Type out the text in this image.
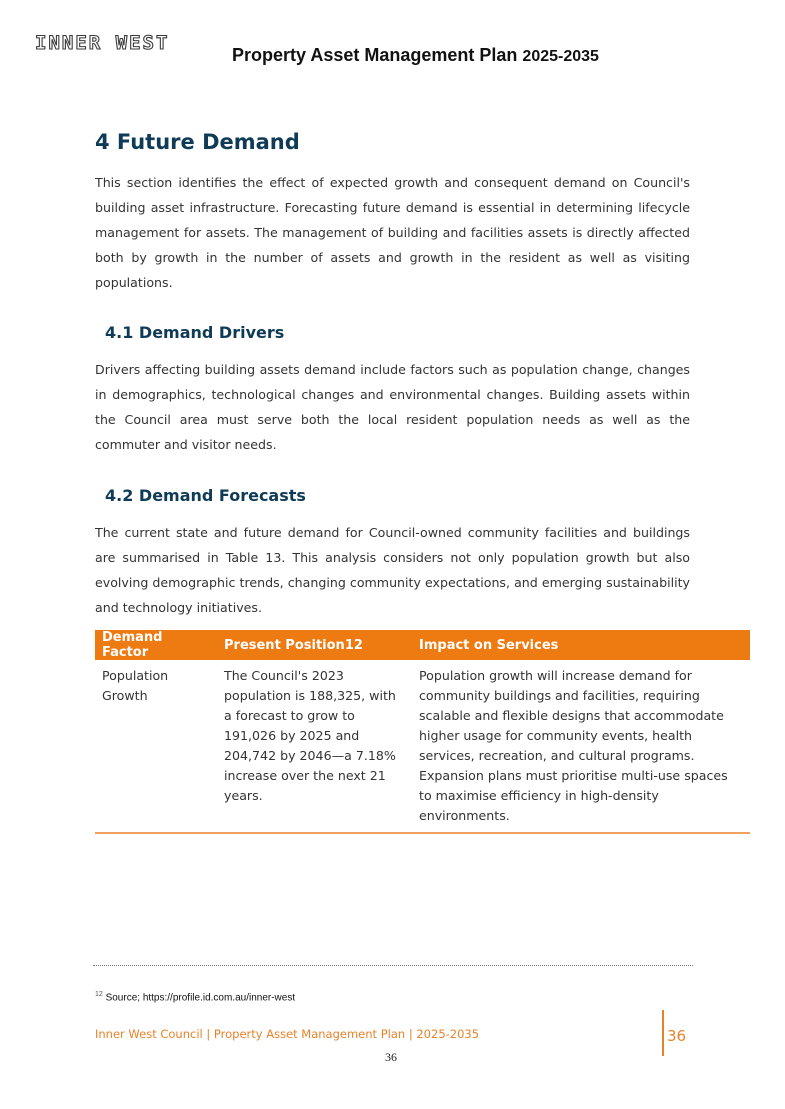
INNER WEST
Property Asset Management Plan 2025-2035
4 Future Demand

This section identifies the effect of expected growth and consequent demand on Council's building asset infrastructure. Forecasting future demand is essential in determining lifecycle management for assets. The management of building and facilities assets is directly affected both by growth in the number of assets and growth in the resident as well as visiting populations.

4.1 Demand Drivers

Drivers affecting building assets demand include factors such as population change, changes in demographics, technological changes and environmental changes. Building assets within the Council area must serve both the local resident population needs as well as the commuter and visitor needs.

4.2 Demand Forecasts

The current state and future demand for Council-owned community facilities and buildings are summarised in Table 13. This analysis considers not only population growth but also evolving demographic trends, changing community expectations, and emerging sustainability and technology initiatives.

Demand Factor	Present Position12	Impact on Services
Population Growth	The Council's 2023 population is 188,325, with a forecast to grow to 191,026 by 2025 and 204,742 by 2046—a 7.18% increase over the next 21 years.	Population growth will increase demand for community buildings and facilities, requiring scalable and flexible designs that accommodate higher usage for community events, health services, recreation, and cultural programs. Expansion plans must prioritise multi-use spaces to maximise efficiency in high-density environments.
$^{12}$ Source; https://profile.id.com.au/inner-west
Inner West Council | Property Asset Management Plan | 2025-2035	36
36
